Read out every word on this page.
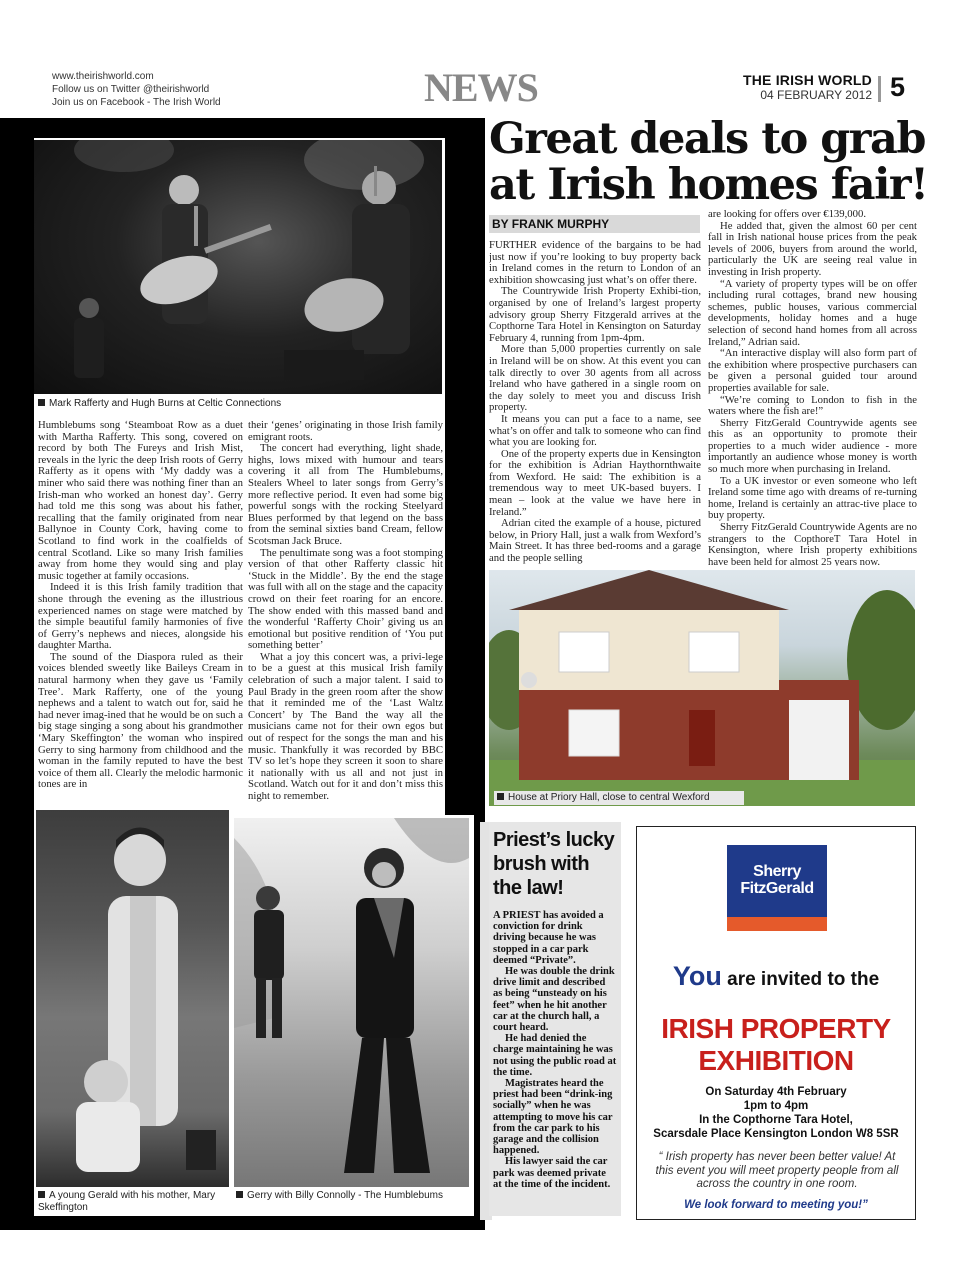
www.theirishworld.com
Follow us on Twitter @theirishworld
Join us on Facebook - The Irish World	NEWS	THE IRISH WORLD
04 FEBRUARY 2012 5
Mark Rafferty and Hugh Burns at Celtic Connections

Humblebums song ‘Steamboat Row as a duet with Martha Rafferty. This song, covered on record by both The Fureys and Irish Mist, reveals in the lyric the deep Irish roots of Gerry Rafferty as it opens with ‘My daddy was a miner who said there was nothing finer than an Irish-man who worked an honest day’. Gerry had told me this song was about his father, recalling that the family originated from near Ballynoe in County Cork, having come to Scotland to find work in the coalfields of central Scotland. Like so many Irish families away from home they would sing and play music together at family occasions.

Indeed it is this Irish family tradition that shone through the evening as the illustrious experienced names on stage were matched by the simple beautiful family harmonies of five of Gerry’s nephews and nieces, alongside his daughter Martha.

The sound of the Diaspora ruled as their voices blended sweetly like Baileys Cream in natural harmony when they gave us ‘Family Tree’. Mark Rafferty, one of the young nephews and a talent to watch out for, said he had never imag-ined that he would be on such a big stage singing a song about his grandmother ‘Mary Skeffington’ the woman who inspired Gerry to sing harmony from childhood and the woman in the family reputed to have the best voice of them all. Clearly the melodic harmonic tones are in

their ‘genes’ originating in those Irish family emigrant roots.

The concert had everything, light shade, highs, lows mixed with humour and tears covering it all from The Humblebums, Stealers Wheel to later songs from Gerry’s more reflective period. It even had some big powerful songs with the rocking Steelyard Blues performed by that legend on the bass from the seminal sixties band Cream, fellow Scotsman Jack Bruce.

The penultimate song was a foot stomping version of that other Rafferty classic hit ‘Stuck in the Middle’. By the end the stage was full with all on the stage and the capacity crowd on their feet roaring for an encore. The show ended with this massed band and the wonderful ‘Rafferty Choir’ giving us an emotional but positive rendition of ‘You put something better’

What a joy this concert was, a privi-lege to be a guest at this musical Irish family celebration of such a major talent. I said to Paul Brady in the green room after the show that it reminded me of the ‘Last Waltz Concert’ by The Band the way all the musicians came not for their own egos but out of respect for the songs the man and his music. Thankfully it was recorded by BBC TV so let’s hope they screen it soon to share it nationally with us all and not just in Scotland. Watch out for it and don’t miss this night to remember.

A young Gerald with his mother, Mary Skeffington
Gerry with Billy Connolly - The Humblebums
Great deals to grab at Irish homes fair!
BY FRANK MURPHY

FURTHER evidence of the bargains to be had just now if you’re looking to buy property back in Ireland comes in the return to London of an exhibition showcasing just what’s on offer there.

The Countrywide Irish Property Exhibi-tion, organised by one of Ireland’s largest property advisory group Sherry Fitzgerald arrives at the Copthorne Tara Hotel in Kensington on Saturday February 4, running from 1pm-4pm.

More than 5,000 properties currently on sale in Ireland will be on show. At this event you can talk directly to over 30 agents from all across Ireland who have gathered in a single room on the day solely to meet you and discuss Irish property.

It means you can put a face to a name, see what’s on offer and talk to someone who can find what you are looking for.

One of the property experts due in Kensington for the exhibition is Adrian Haythornthwaite from Wexford. He said: The exhibition is a tremendous way to meet UK-based buyers. I mean – look at the value we have here in Ireland.”

Adrian cited the example of a house, pictured below, in Priory Hall, just a walk from Wexford’s Main Street. It has three bed-rooms and a garage and the people selling

are looking for offers over €139,000.

He added that, given the almost 60 per cent fall in Irish national house prices from the peak levels of 2006, buyers from around the world, particularly the UK are seeing real value in investing in Irish property.

“A variety of property types will be on offer including rural cottages, brand new housing schemes, public houses, various commercial developments, holiday homes and a huge selection of second hand homes from all across Ireland,” Adrian said.

“An interactive display will also form part of the exhibition where prospective purchasers can be given a personal guided tour around properties available for sale.

“We’re coming to London to fish in the waters where the fish are!”

Sherry FitzGerald Countrywide agents see this as an opportunity to promote their properties to a much wider audience - more importantly an audience whose money is worth so much more when purchasing in Ireland.

To a UK investor or even someone who left Ireland some time ago with dreams of re-turning home, Ireland is certainly an attrac-tive place to buy property.

Sherry FitzGerald Countrywide Agents are no strangers to the CopthoreT Tara Hotel in Kensington, where Irish property exhibitions have been held for almost 25 years now.

House at Priory Hall, close to central Wexford
Priest’s lucky brush with the law!

A PRIEST has avoided a conviction for drink driving because he was stopped in a car park deemed “Private”.

He was double the drink drive limit and described as being “unsteady on his feet” when he hit another car at the church hall, a court heard.

He had denied the charge maintaining he was not using the public road at the time.

Magistrates heard the priest had been “drink-ing socially” when he was attempting to move his car from the car park to his garage and the collision happened.

His lawyer said the car park was deemed private at the time of the incident.

Sherry
FitzGerald
You are invited to the
IRISH PROPERTY
EXHIBITION
On Saturday 4th February
1pm to 4pm
In the Copthorne Tara Hotel,
Scarsdale Place Kensington London W8 5SR
“ Irish property has never been better value! At this event you will meet property people from all across the country in one room.
We look forward to meeting you!”
